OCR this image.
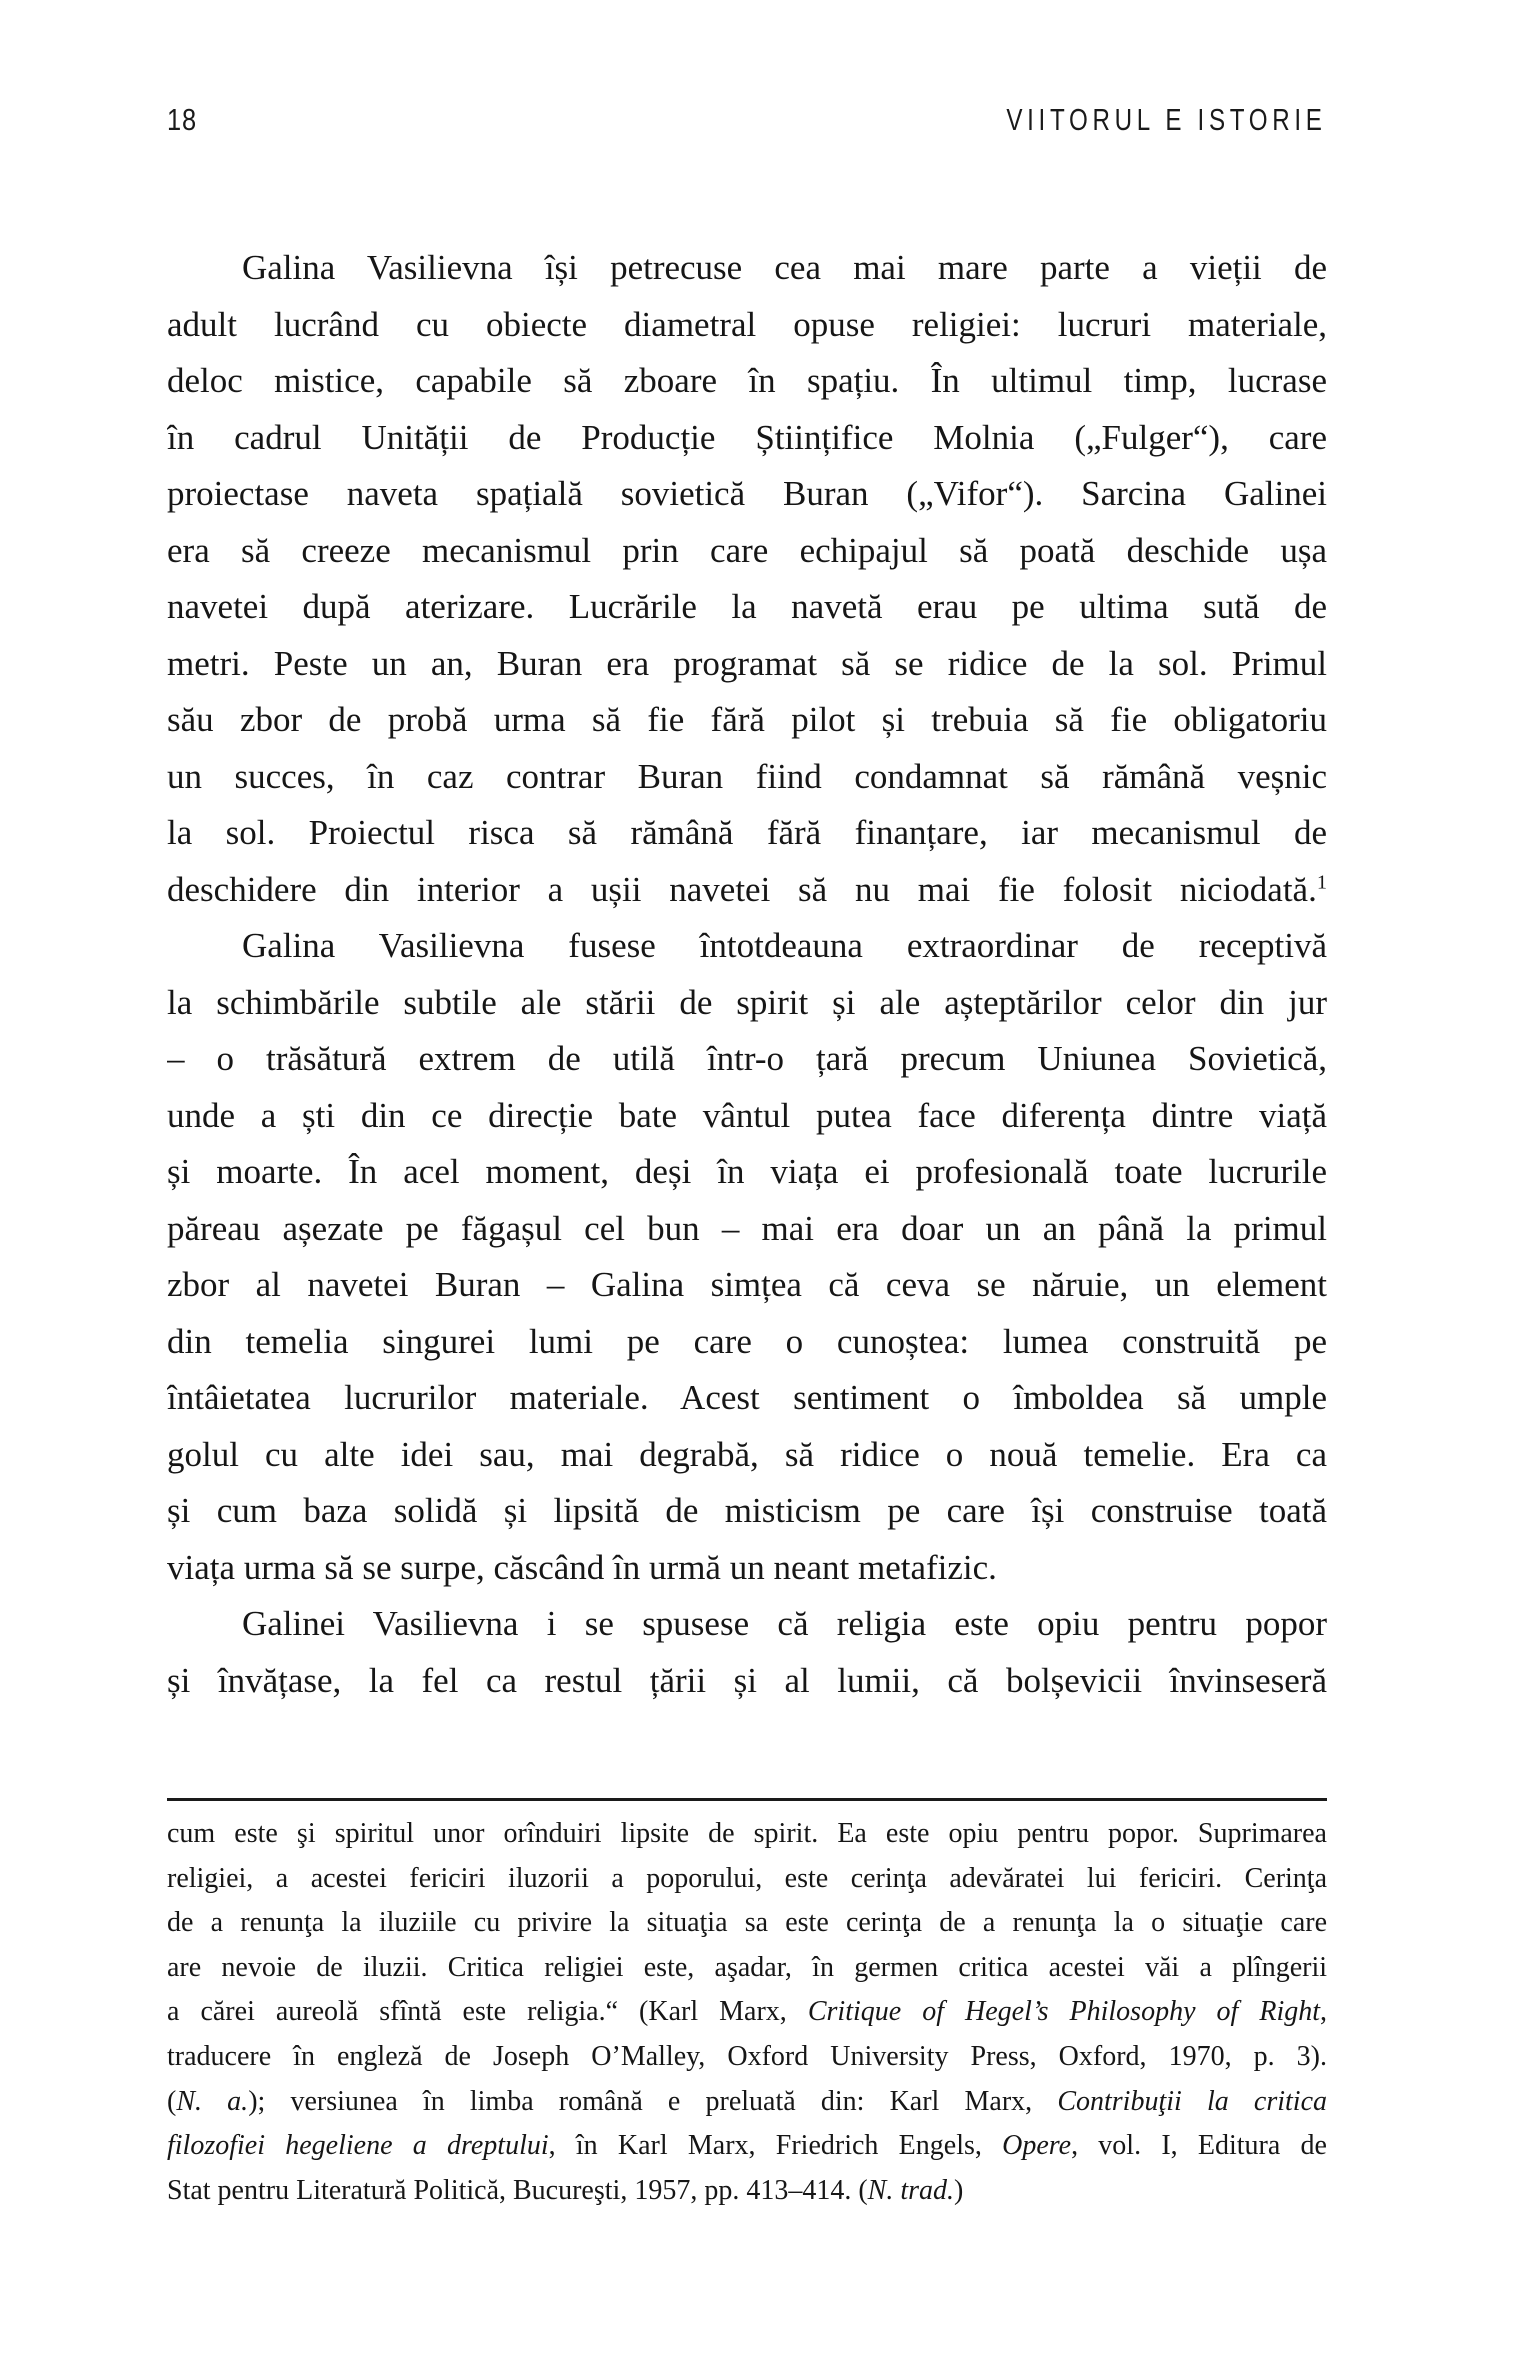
18	VIITORUL E ISTORIE
Galina Vasilievna își petrecuse cea mai mare parte a vieții de
adult lucrând cu obiecte diametral opuse religiei: lucruri materiale,
deloc mistice, capabile să zboare în spațiu. În ultimul timp, lucrase
în cadrul Unității de Producție Științifice Molnia („Fulger“), care
proiectase naveta spațială sovietică Buran („Vifor“). Sarcina Galinei
era să creeze mecanismul prin care echipajul să poată deschide ușa
navetei după aterizare. Lucrările la navetă erau pe ultima sută de
metri. Peste un an, Buran era programat să se ridice de la sol. Primul
său zbor de probă urma să fie fără pilot și trebuia să fie obligatoriu
un succes, în caz contrar Buran fiind condamnat să rămână veșnic
la sol. Proiectul risca să rămână fără finanțare, iar mecanismul de
deschidere din interior a ușii navetei să nu mai fie folosit niciodată.$^1$
Galina Vasilievna fusese întotdeauna extraordinar de receptivă
la schimbările subtile ale stării de spirit și ale așteptărilor celor din jur
– o trăsătură extrem de utilă într-o țară precum Uniunea Sovietică,
unde a ști din ce direcție bate vântul putea face diferența dintre viață
și moarte. În acel moment, deși în viața ei profesională toate lucrurile
păreau așezate pe făgașul cel bun – mai era doar un an până la primul
zbor al navetei Buran – Galina simțea că ceva se năruie, un element
din temelia singurei lumi pe care o cunoștea: lumea construită pe
întâietatea lucrurilor materiale. Acest sentiment o îmboldea să umple
golul cu alte idei sau, mai degrabă, să ridice o nouă temelie. Era ca
și cum baza solidă și lipsită de misticism pe care își construise toată
viața urma să se surpe, căscând în urmă un neant metafizic.
Galinei Vasilievna i se spusese că religia este opiu pentru popor
și învățase, la fel ca restul țării și al lumii, că bolșevicii învinseseră
cum este şi spiritul unor orînduiri lipsite de spirit. Ea este opiu pentru popor. Suprimarea
religiei, a acestei fericiri iluzorii a poporului, este cerinţa adevăratei lui fericiri. Cerinţa
de a renunţa la iluziile cu privire la situaţia sa este cerinţa de a renunţa la o situaţie care
are nevoie de iluzii. Critica religiei este, aşadar, în germen critica acestei văi a plîngerii
a cărei aureolă sfîntă este religia.“ (Karl Marx, Critique of Hegel’s Philosophy of Right,
traducere în engleză de Joseph O’Malley, Oxford University Press, Oxford, 1970, p. 3).
(N. a.); versiunea în limba română e preluată din: Karl Marx, Contribuţii la critica
filozofiei hegeliene a dreptului, în Karl Marx, Friedrich Engels, Opere, vol. I, Editura de
Stat pentru Literatură Politică, Bucureşti, 1957, pp. 413–414. (N. trad.)
